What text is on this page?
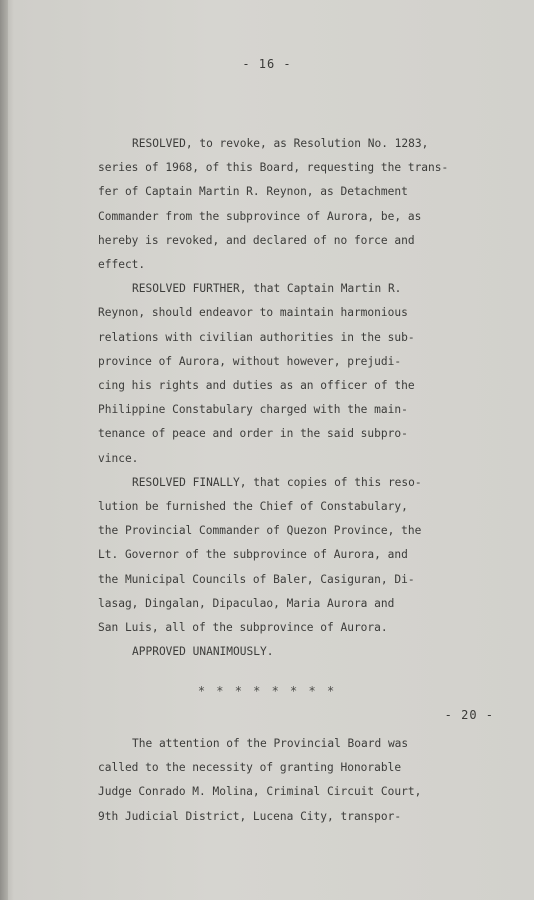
- 16 -
RESOLVED, to revoke, as Resolution No. 1283,
series of 1968, of this Board, requesting the trans-
fer of Captain Martin R. Reynon, as Detachment
Commander from the subprovince of Aurora, be, as
hereby is revoked, and declared of no force and
effect.
RESOLVED FURTHER, that Captain Martin R.
Reynon, should endeavor to maintain harmonious
relations with civilian authorities in the sub-
province of Aurora, without however, prejudi-
cing his rights and duties as an officer of the
Philippine Constabulary charged with the main-
tenance of peace and order in the said subpro-
vince.
RESOLVED FINALLY, that copies of this reso-
lution be furnished the Chief of Constabulary,
the Provincial Commander of Quezon Province, the
Lt. Governor of the subprovince of Aurora, and
the Municipal Councils of Baler, Casiguran, Di-
lasag, Dingalan, Dipaculao, Maria Aurora and
San Luis, all of the subprovince of Aurora.
APPROVED UNANIMOUSLY.
* * * * * * * *
- 20 -
The attention of the Provincial Board was
called to the necessity of granting Honorable
Judge Conrado M. Molina, Criminal Circuit Court,
9th Judicial District, Lucena City, transpor-
